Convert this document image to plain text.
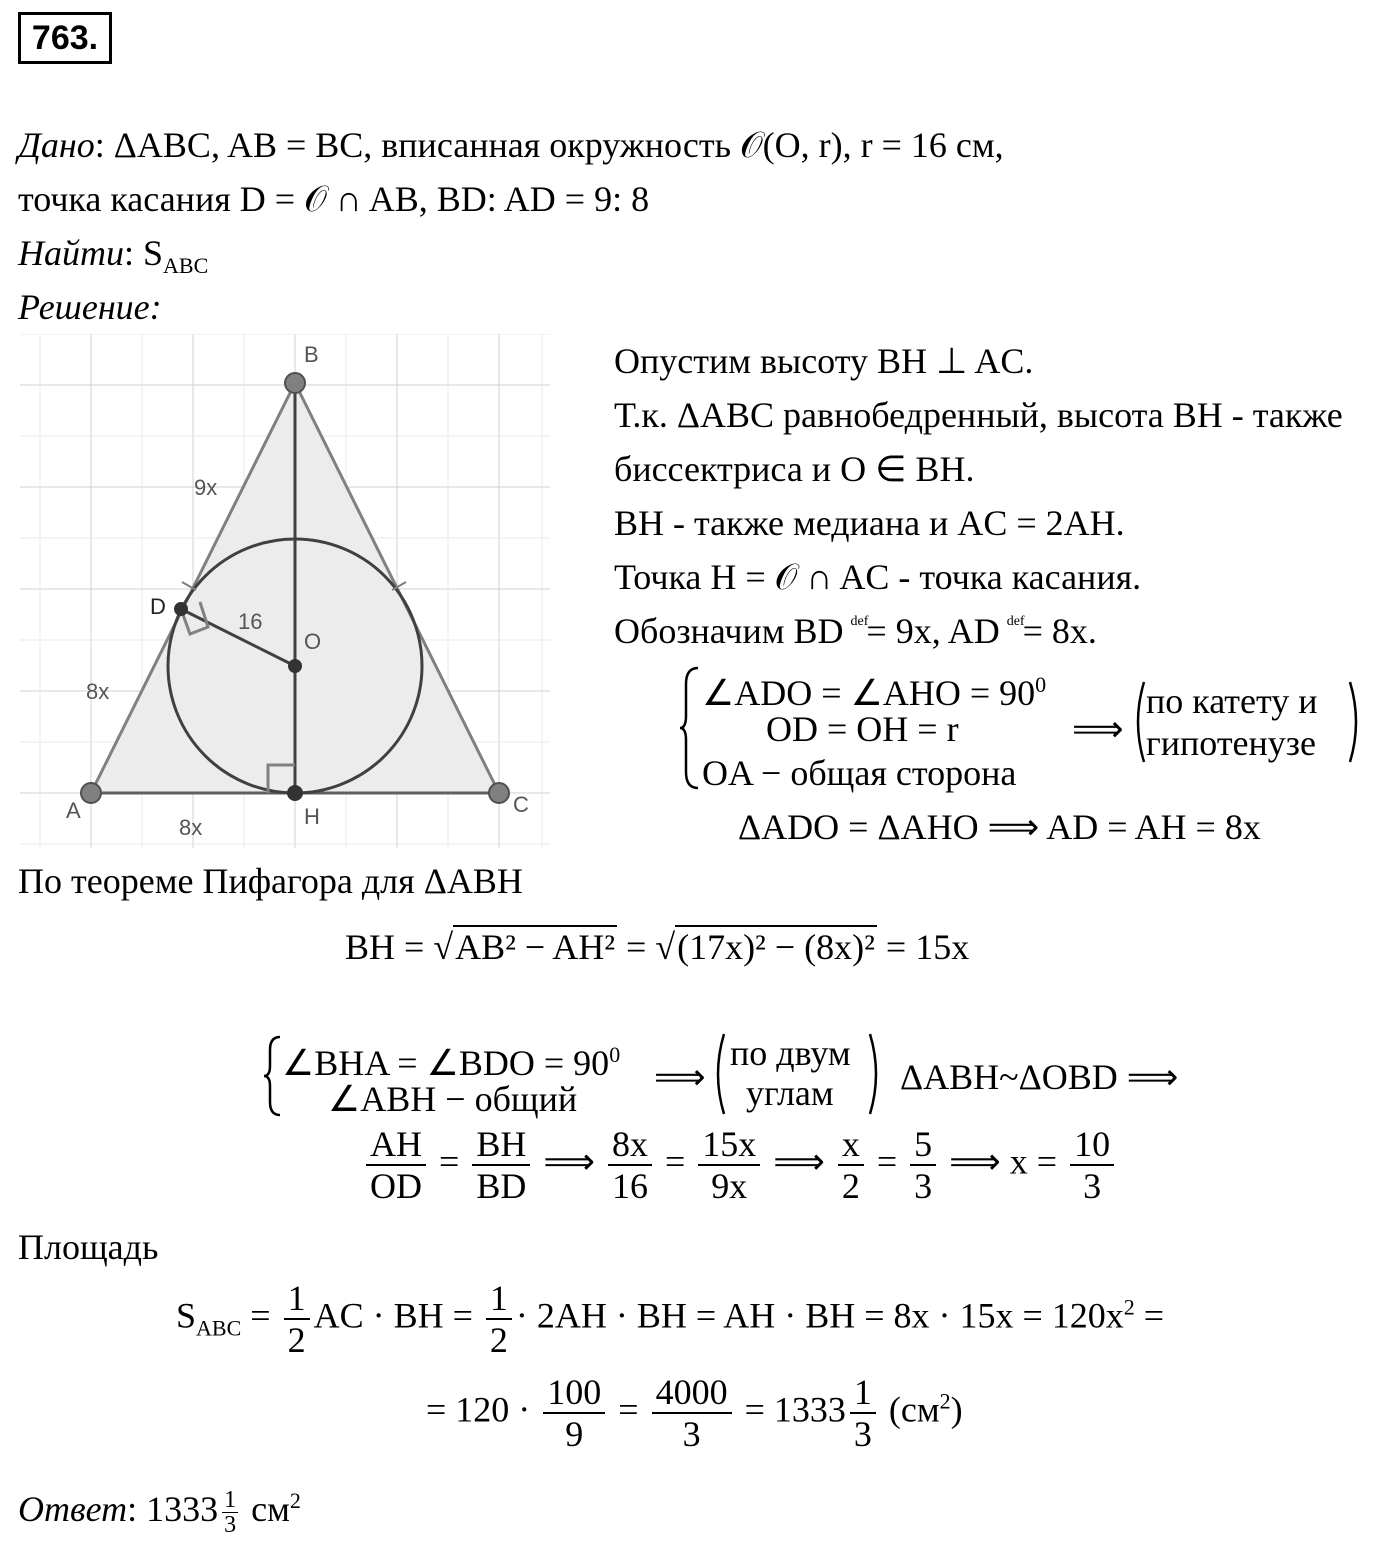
763.
Дано: ΔABC, AB = BC, вписанная окружность 𝒪(O, r), r = 16 см,
точка касания D = 𝒪 ∩ AB, BD: AD = 9: 8
Найти: $S_{ABC}$
Решение:
A
B
C
D
O
H
9x
8x
8x
16
Опустим высоту BH ⊥ AC.
Т.к. ΔABC равнобедренный, высота BH - также
биссектриса и O ∈ BH.
BH - также медиана и AC = 2AH.
Точка H = 𝒪 ∩ AC - точка касания.
Обозначим BD $^{def}$= 9x, AD $^{def}$= 8x.
∠ADO = ∠AHO = $90^0$
OD = OH = r
OA − общая сторона
⟹
по катету и
гипотенузе
ΔADO = ΔAHO ⟹ AD = AH = 8x
По теореме Пифагора для ΔABH
BH = √AB² − AH² = √(17x)² − (8x)² = 15x
∠BHA = ∠BDO = $90^0$
∠ABH − общий
⟹
по двум
углам ΔABH~ΔOBD ⟹
$\frac{AH}{OD} = \frac{BH}{BD}$ ⟹ $\frac{8x}{16} = \frac{15x}{9x}$ ⟹ $\frac{x}{2} = \frac{5}{3}$ ⟹ $x = \frac{10}{3}$
Площадь
$S_{ABC} = \frac{1}{2}$ AC · BH = $\frac{1}{2} \cdot 2AH$ · BH = AH · BH = $8x \cdot 15x = 120x^2$ =
= $120 \cdot \frac{100}{9} = \frac{4000}{3} = 1333 \frac{1}{3} (см^2)$
Ответ: $1333 \frac{1}{3} см^2$
